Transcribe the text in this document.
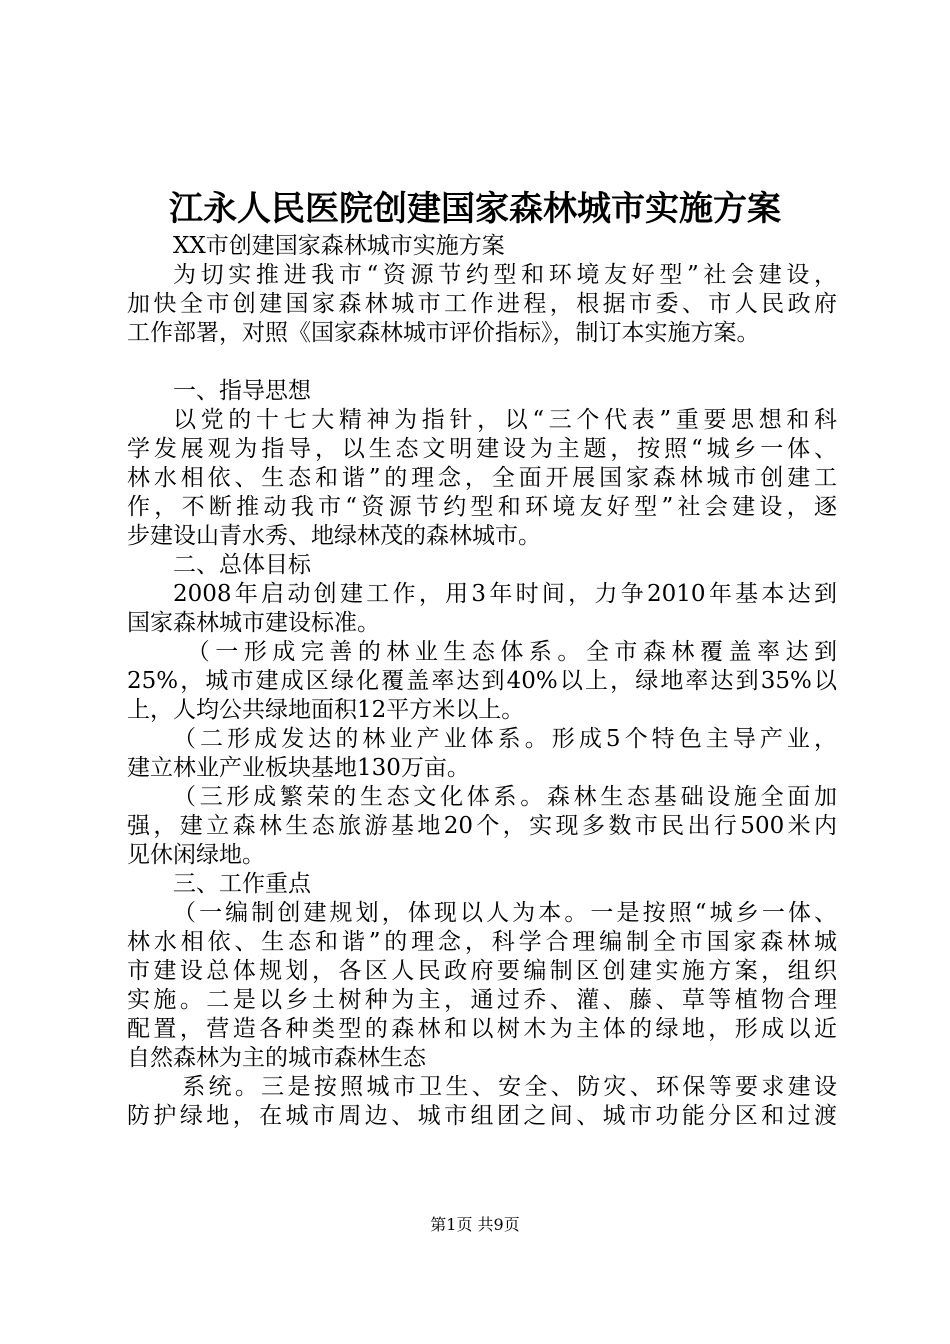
江永人民医院创建国家森林城市实施方案
XX市创建国家森林城市实施方案
为切实推进我市“资源节约型和环境友好型”社会建设，
加快全市创建国家森林城市工作进程，根据市委、市人民政府
工作部署，对照《国家森林城市评价指标》，制订本实施方案。
一、指导思想
以党的十七大精神为指针，以“三个代表”重要思想和科
学发展观为指导，以生态文明建设为主题，按照“城乡一体、
林水相依、生态和谐”的理念，全面开展国家森林城市创建工
作，不断推动我市“资源节约型和环境友好型”社会建设，逐
步建设山青水秀、地绿林茂的森林城市。
二、总体目标
2008年启动创建工作，用3年时间，力争2010年基本达到
国家森林城市建设标准。
（一形成完善的林业生态体系。全市森林覆盖率达到
25%，城市建成区绿化覆盖率达到40%以上，绿地率达到35%以
上，人均公共绿地面积12平方米以上。
（二形成发达的林业产业体系。形成5个特色主导产业，
建立林业产业板块基地130万亩。
（三形成繁荣的生态文化体系。森林生态基础设施全面加
强，建立森林生态旅游基地20个，实现多数市民出行500米内
见休闲绿地。
三、工作重点
（一编制创建规划，体现以人为本。一是按照“城乡一体、
林水相依、生态和谐”的理念，科学合理编制全市国家森林城
市建设总体规划，各区人民政府要编制区创建实施方案，组织
实施。二是以乡土树种为主，通过乔、灌、藤、草等植物合理
配置，营造各种类型的森林和以树木为主体的绿地，形成以近
自然森林为主的城市森林生态
系统。三是按照城市卫生、安全、防灾、环保等要求建设
防护绿地，在城市周边、城市组团之间、城市功能分区和过渡
第1页 共9页
